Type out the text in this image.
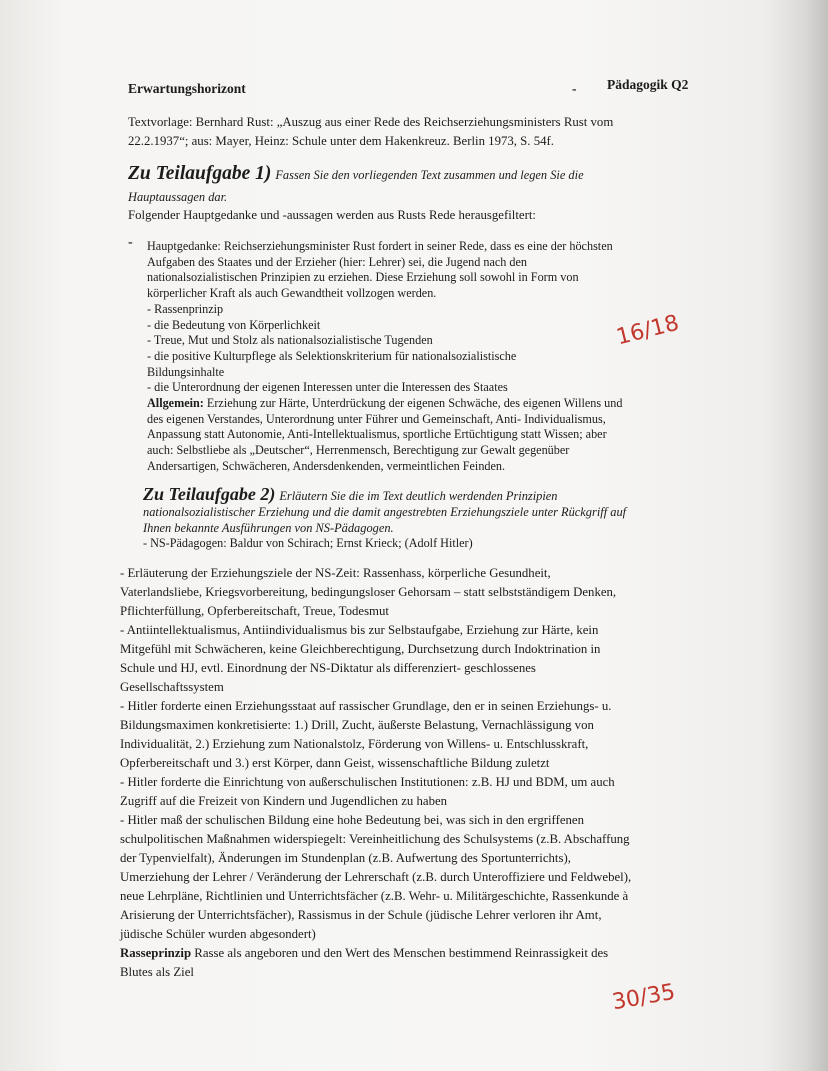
Erwartungshorizont	- Pädagogik Q2
Textvorlage: Bernhard Rust: „Auszug aus einer Rede des Reichserziehungsministers Rust vom
22.2.1937“; aus: Mayer, Heinz: Schule unter dem Hakenkreuz. Berlin 1973, S. 54f.
Zu Teilaufgabe 1) Fassen Sie den vorliegenden Text zusammen und legen Sie die
Hauptaussagen dar.
Folgender Hauptgedanke und -aussagen werden aus Rusts Rede herausgefiltert:
- Hauptgedanke: Reichserziehungsminister Rust fordert in seiner Rede, dass es eine der höchsten
Aufgaben des Staates und der Erzieher (hier: Lehrer) sei, die Jugend nach den
nationalsozialistischen Prinzipien zu erziehen. Diese Erziehung soll sowohl in Form von
körperlicher Kraft als auch Gewandtheit vollzogen werden.
- Rassenprinzip
- die Bedeutung von Körperlichkeit
- Treue, Mut und Stolz als nationalsozialistische Tugenden
- die positive Kulturpflege als Selektionskriterium für nationalsozialistische
Bildungsinhalte
- die Unterordnung der eigenen Interessen unter die Interessen des Staates
Allgemein: Erziehung zur Härte, Unterdrückung der eigenen Schwäche, des eigenen Willens und
des eigenen Verstandes, Unterordnung unter Führer und Gemeinschaft, Anti- Individualismus,
Anpassung statt Autonomie, Anti-Intellektualismus, sportliche Ertüchtigung statt Wissen; aber
auch: Selbstliebe als „Deutscher“, Herrenmensch, Berechtigung zur Gewalt gegenüber
Andersartigen, Schwächeren, Andersdenkenden, vermeintlichen Feinden.
16/18
Zu Teilaufgabe 2) Erläutern Sie die im Text deutlich werdenden Prinzipien
nationalsozialistischer Erziehung und die damit angestrebten Erziehungsziele unter Rückgriff auf
Ihnen bekannte Ausführungen von NS-Pädagogen.
- NS-Pädagogen: Baldur von Schirach; Ernst Krieck; (Adolf Hitler)
- Erläuterung der Erziehungsziele der NS-Zeit: Rassenhass, körperliche Gesundheit,
Vaterlandsliebe, Kriegsvorbereitung, bedingungsloser Gehorsam – statt selbstständigem Denken,
Pflichterfüllung, Opferbereitschaft, Treue, Todesmut
- Antiintellektualismus, Antiindividualismus bis zur Selbstaufgabe, Erziehung zur Härte, kein
Mitgefühl mit Schwächeren, keine Gleichberechtigung, Durchsetzung durch Indoktrination in
Schule und HJ, evtl. Einordnung der NS-Diktatur als differenziert- geschlossenes
Gesellschaftssystem
- Hitler forderte einen Erziehungsstaat auf rassischer Grundlage, den er in seinen Erziehungs- u.
Bildungsmaximen konkretisierte: 1.) Drill, Zucht, äußerste Belastung, Vernachlässigung von
Individualität, 2.) Erziehung zum Nationalstolz, Förderung von Willens- u. Entschlusskraft,
Opferbereitschaft und 3.) erst Körper, dann Geist, wissenschaftliche Bildung zuletzt
- Hitler forderte die Einrichtung von außerschulischen Institutionen: z.B. HJ und BDM, um auch
Zugriff auf die Freizeit von Kindern und Jugendlichen zu haben
- Hitler maß der schulischen Bildung eine hohe Bedeutung bei, was sich in den ergriffenen
schulpolitischen Maßnahmen widerspiegelt: Vereinheitlichung des Schulsystems (z.B. Abschaffung
der Typenvielfalt), Änderungen im Stundenplan (z.B. Aufwertung des Sportunterrichts),
Umerziehung der Lehrer / Veränderung der Lehrerschaft (z.B. durch Unteroffiziere und Feldwebel),
neue Lehrpläne, Richtlinien und Unterrichtsfächer (z.B. Wehr- u. Militärgeschichte, Rassenkunde à
Arisierung der Unterrichtsfächer), Rassismus in der Schule (jüdische Lehrer verloren ihr Amt,
jüdische Schüler wurden abgesondert)
Rasseprinzip Rasse als angeboren und den Wert des Menschen bestimmend Reinrassigkeit des
Blutes als Ziel
30/35
